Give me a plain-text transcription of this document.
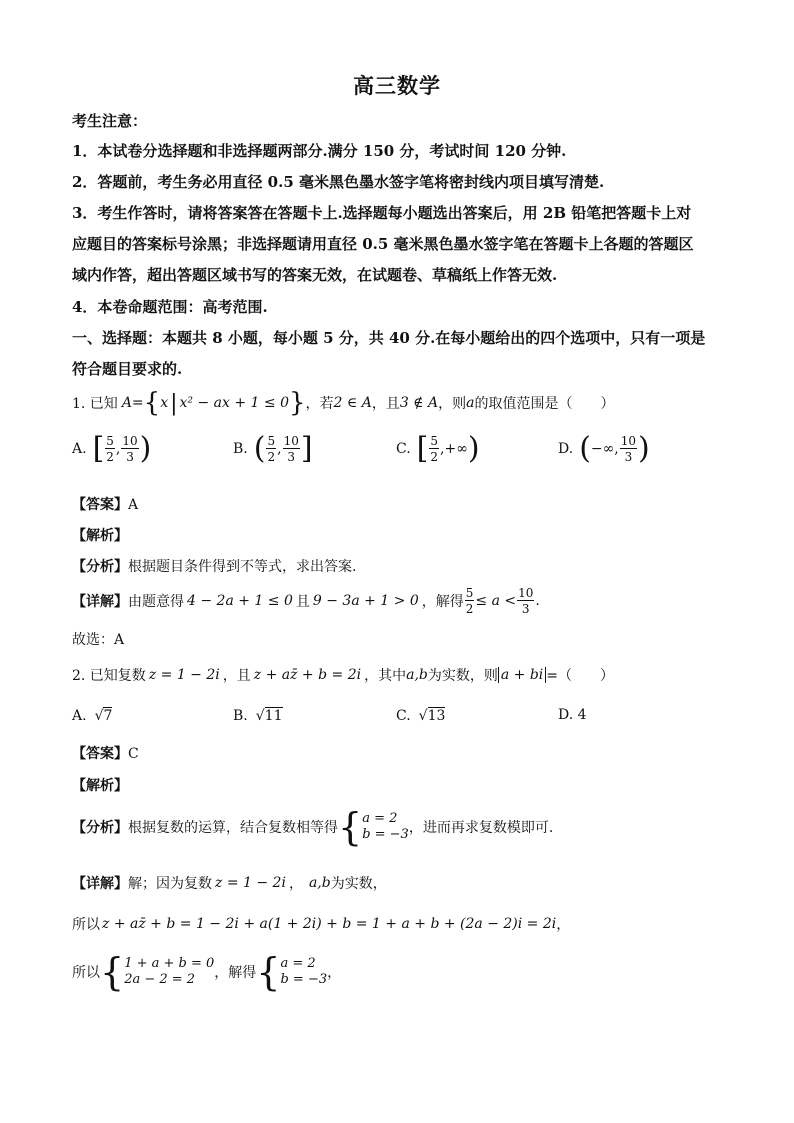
高三数学
考生注意：
1．本试卷分选择题和非选择题两部分.满分 150 分，考试时间 120 分钟.
2．答题前，考生务必用直径 0.5 毫米黑色墨水签字笔将密封线内项目填写清楚.
3．考生作答时，请将答案答在答题卡上.选择题每小题选出答案后，用 2B 铅笔把答题卡上对
应题目的答案标号涂黑；非选择题请用直径 0.5 毫米黑色墨水签字笔在答题卡上各题的答题区
域内作答，超出答题区域书写的答案无效，在试题卷、草稿纸上作答无效.
4．本卷命题范围：高考范围.
一、选择题：本题共 8 小题，每小题 5 分，共 40 分.在每小题给出的四个选项中，只有一项是
符合题目要求的.
1. 已知 A= { x | x² − ax + 1 ≤ 0 } ，若 2 ∈ A ，且 3 ∉ A ，则 a 的取值范围是（　　）
A. [ $\frac{5}{2}$ , $\frac{10}{3}$ )	B. ( $\frac{5}{2}$ , $\frac{10}{3}$ ]	C. [ $\frac{5}{2}$ ,+∞ )	D. ( −∞, $\frac{10}{3}$ )
【答案】A
【解析】
【分析】根据题目条件得到不等式，求出答案.
【详解】 由题意得 4 − 2a + 1 ≤ 0 且 9 − 3a + 1 > 0 ，解得 $\frac{5}{2} \le a < \frac{10}{3}$ .
故选：A
2. 已知复数 z = 1 − 2i ，且 z + az̄ + b = 2i ，其中 a,b 为实数，则 a + bi =（　　）
A. √ 7	B. √ 11	C. √ 13	D. 4
【答案】C
【解析】
【分析】 根据复数的运算，结合复数相等得 { a = 2
b = −3 ，进而再求复数模即可.
【详解】 解；因为复数 z = 1 − 2i ， a,b 为实数，
所以 z + az̄ + b = 1 − 2i + a(1 + 2i) + b = 1 + a + b + (2a − 2)i = 2i ，
所以 { 1 + a + b = 0
2a − 2 = 2	，解得 { a = 2
b = −3 ，
